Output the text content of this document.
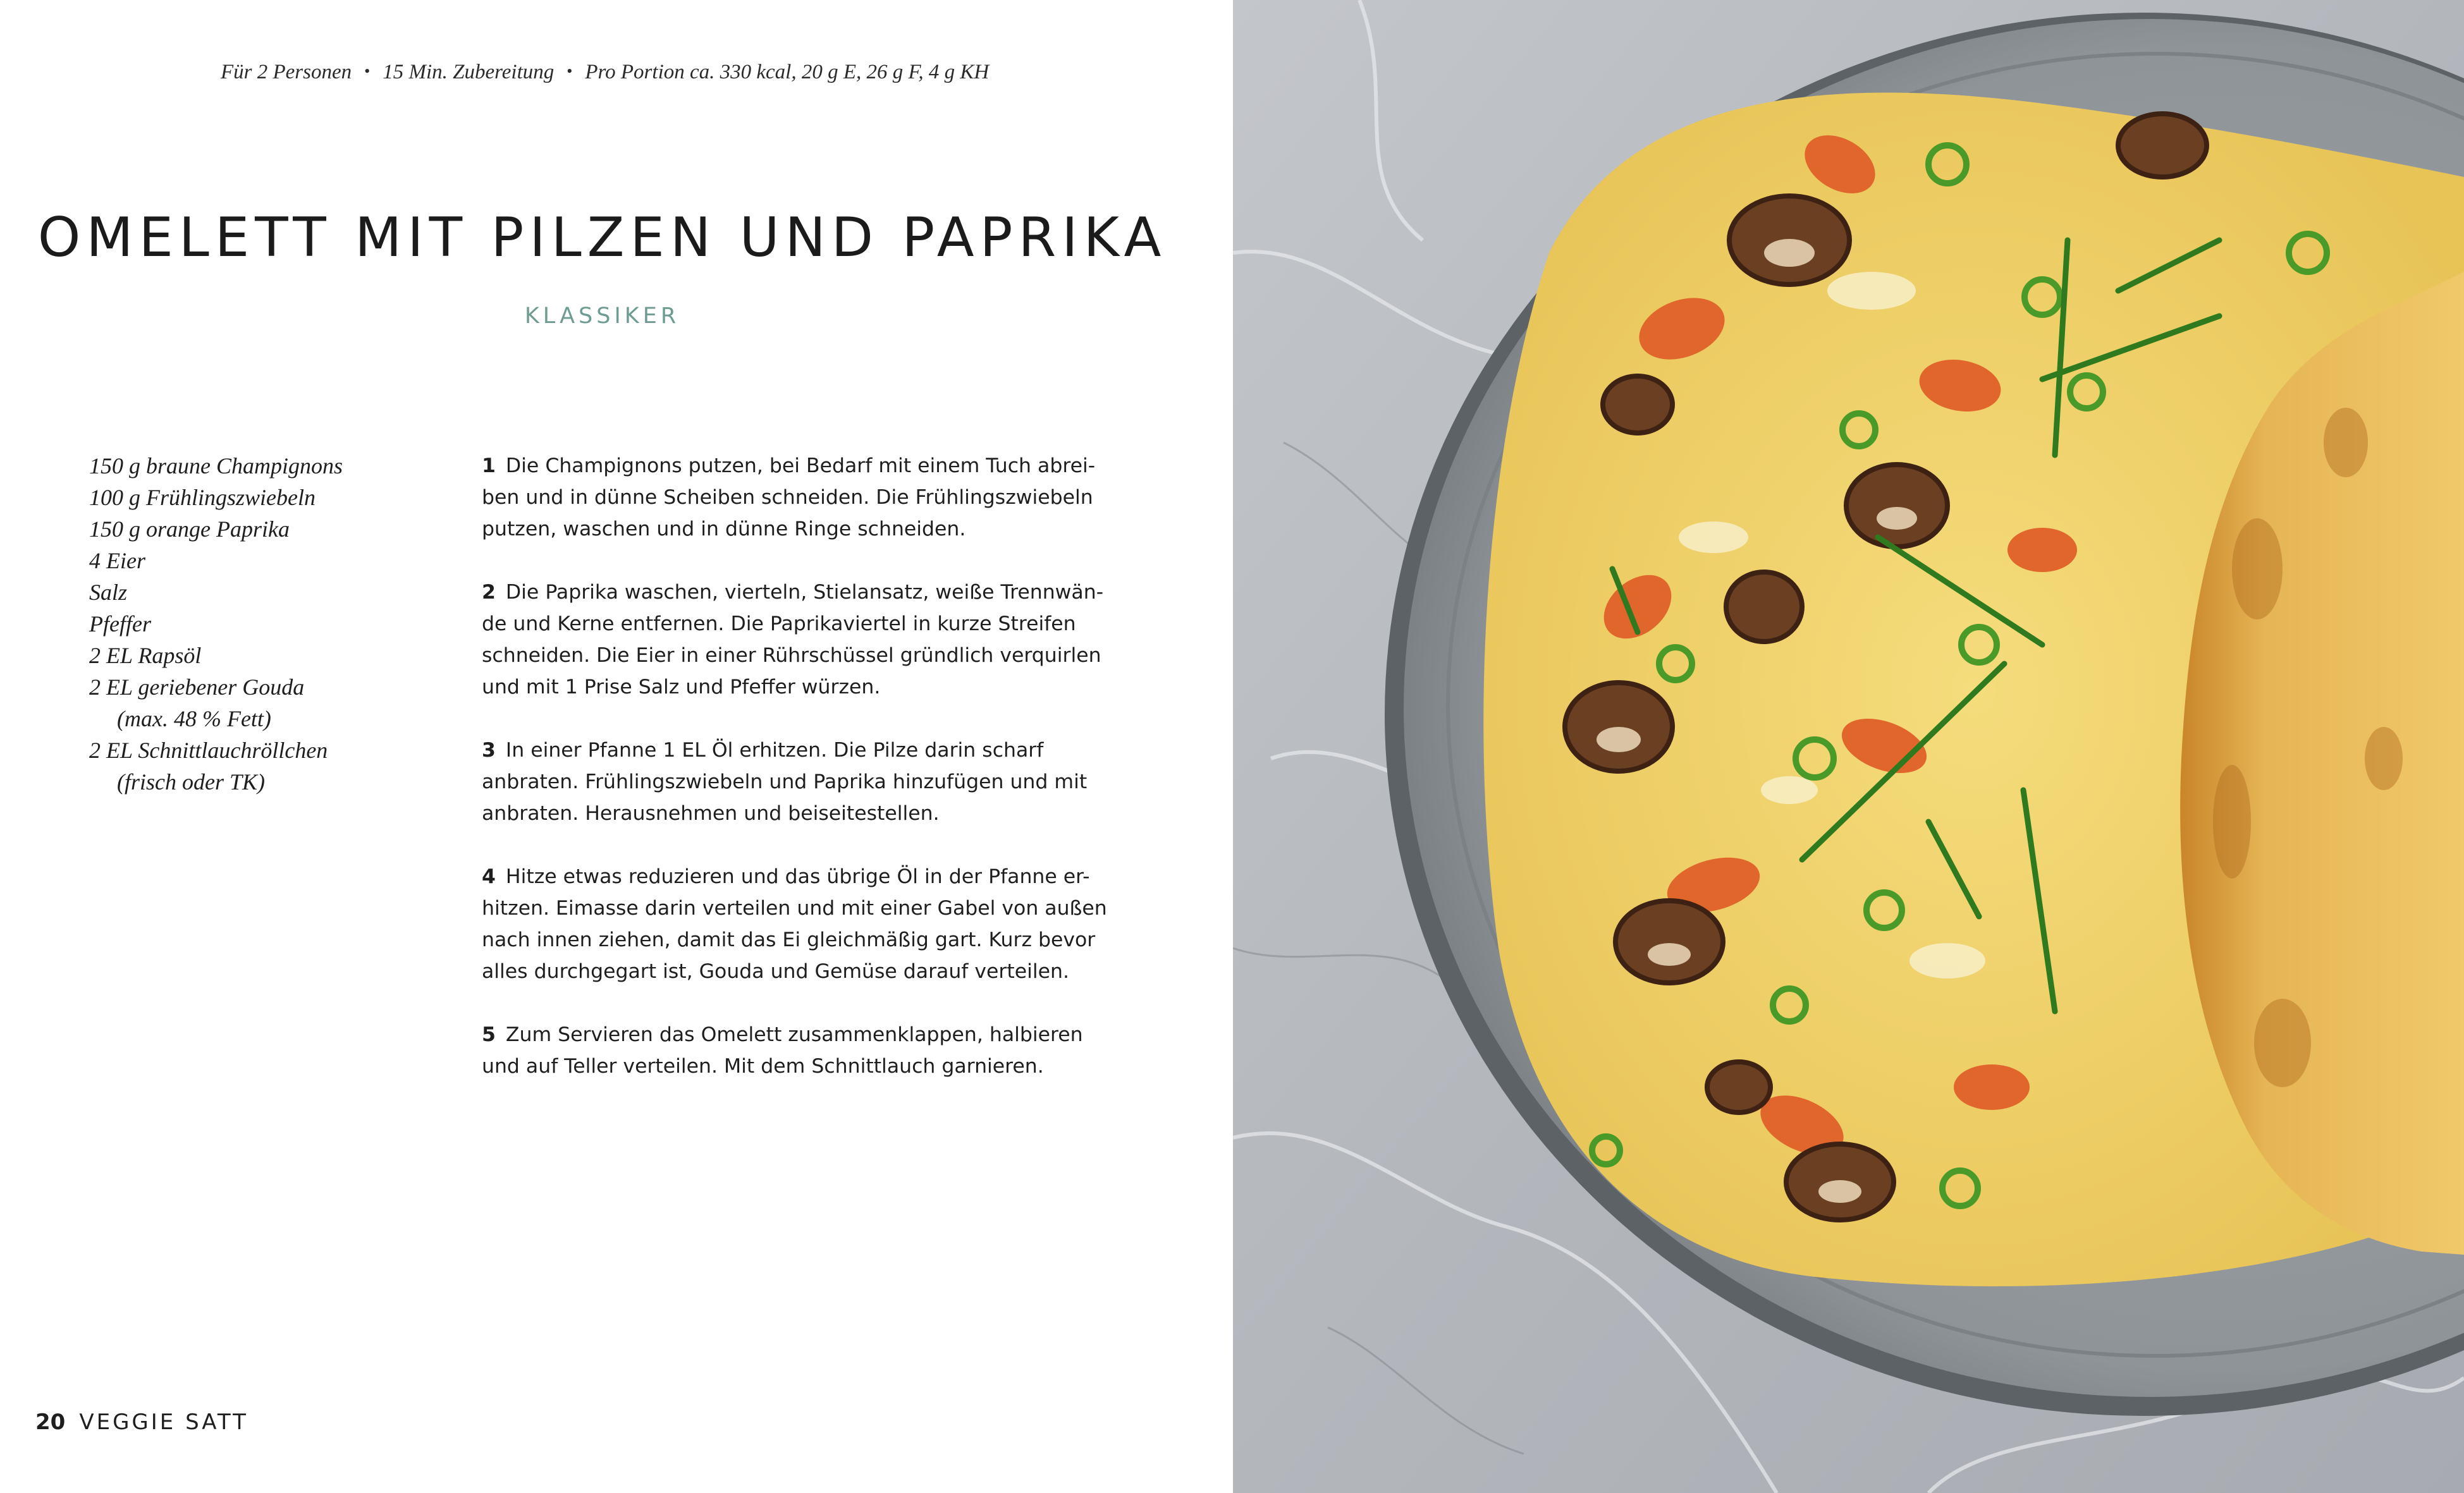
Für 2 Personen • 15 Min. Zubereitung • Pro Portion ca. 330 kcal, 20 g E, 26 g F, 4 g KH
OMELETT MIT PILZEN UND PAPRIKA
KLASSIKER
150 g braune Champignons
100 g Frühlingszwiebeln
150 g orange Paprika
4 Eier
Salz
Pfeffer
2 EL Rapsöl
2 EL geriebener Gouda
(max. 48 % Fett)
2 EL Schnittlauchröllchen
(frisch oder TK)
1 Die Champignons putzen, bei Bedarf mit einem Tuch abrei-
ben und in dünne Scheiben schneiden. Die Frühlingszwiebeln
putzen, waschen und in dünne Ringe schneiden.
2 Die Paprika waschen, vierteln, Stielansatz, weiße Trennwän-
de und Kerne entfernen. Die Paprikaviertel in kurze Streifen
schneiden. Die Eier in einer Rührschüssel gründlich verquirlen
und mit 1 Prise Salz und Pfeffer würzen.
3 In einer Pfanne 1 EL Öl erhitzen. Die Pilze darin scharf
anbraten. Frühlingszwiebeln und Paprika hinzufügen und mit
anbraten. Herausnehmen und beiseitestellen.
4 Hitze etwas reduzieren und das übrige Öl in der Pfanne er-
hitzen. Eimasse darin verteilen und mit einer Gabel von außen
nach innen ziehen, damit das Ei gleichmäßig gart. Kurz bevor
alles durchgegart ist, Gouda und Gemüse darauf verteilen.
5 Zum Servieren das Omelett zusammenklappen, halbieren
und auf Teller verteilen. Mit dem Schnittlauch garnieren.
20 VEGGIE SATT
